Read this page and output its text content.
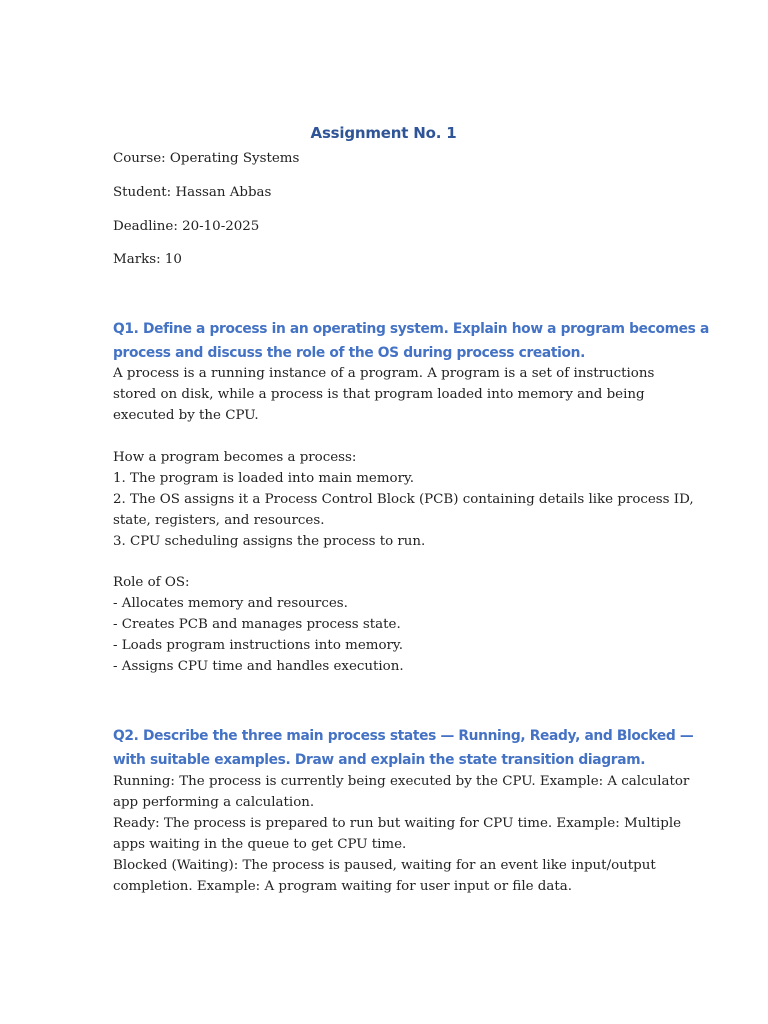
Assignment No. 1
Course: Operating Systems
Student: Hassan Abbas
Deadline: 20-10-2025
Marks: 10
Q1. Define a process in an operating system. Explain how a program becomes a
process and discuss the role of the OS during process creation.
A process is a running instance of a program. A program is a set of instructions
stored on disk, while a process is that program loaded into memory and being
executed by the CPU.
How a program becomes a process:
1. The program is loaded into main memory.
2. The OS assigns it a Process Control Block (PCB) containing details like process ID,
state, registers, and resources.
3. CPU scheduling assigns the process to run.
Role of OS:
- Allocates memory and resources.
- Creates PCB and manages process state.
- Loads program instructions into memory.
- Assigns CPU time and handles execution.
Q2. Describe the three main process states — Running, Ready, and Blocked —
with suitable examples. Draw and explain the state transition diagram.
Running: The process is currently being executed by the CPU. Example: A calculator
app performing a calculation.
Ready: The process is prepared to run but waiting for CPU time. Example: Multiple
apps waiting in the queue to get CPU time.
Blocked (Waiting): The process is paused, waiting for an event like input/output
completion. Example: A program waiting for user input or file data.
